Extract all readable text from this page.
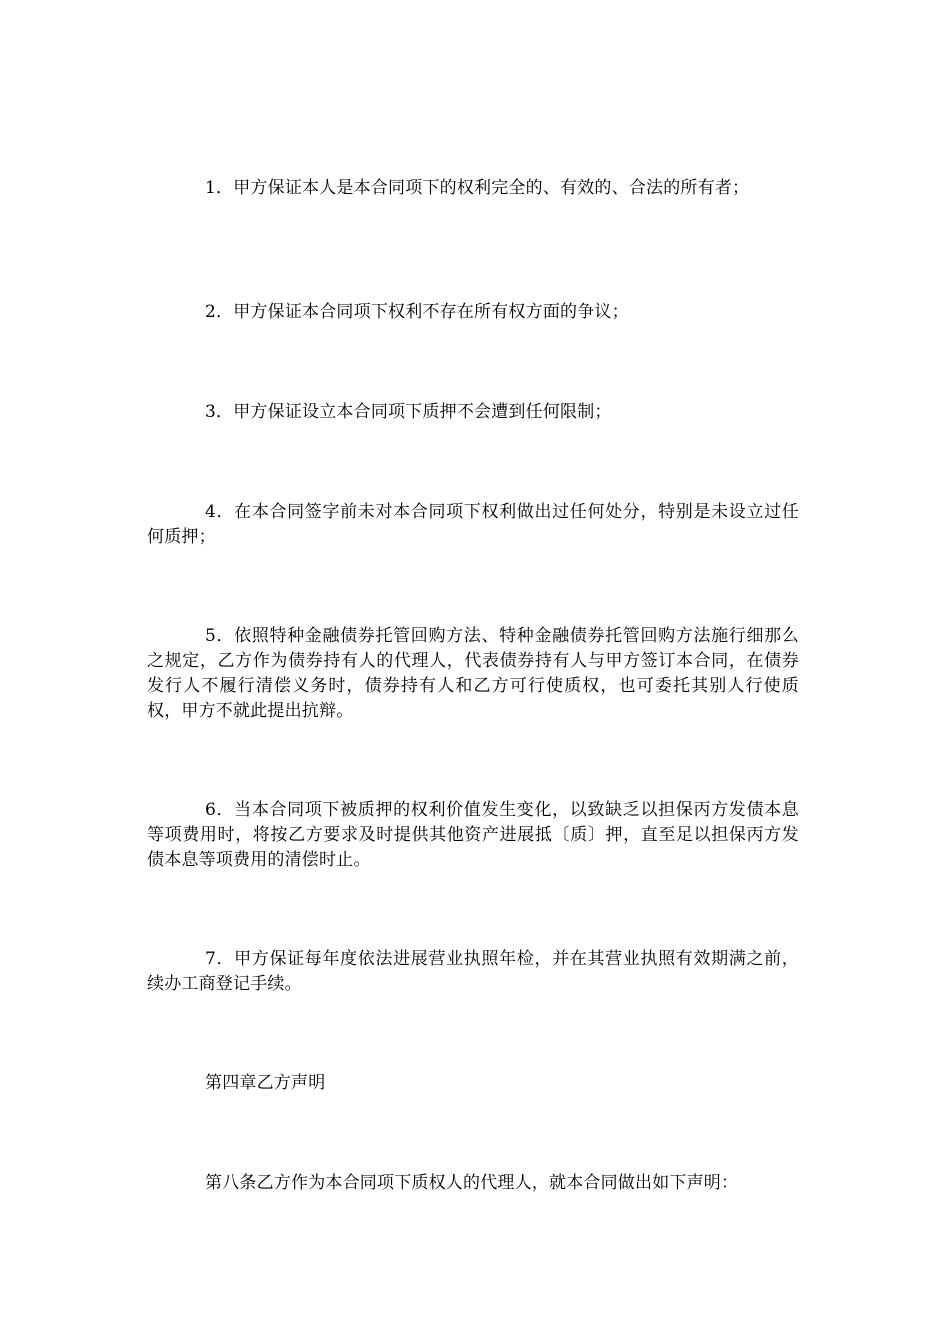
1．甲方保证本人是本合同项下的权利完全的、有效的、合法的所有者；

2．甲方保证本合同项下权利不存在所有权方面的争议；

3．甲方保证设立本合同项下质押不会遭到任何限制；

4．在本合同签字前未对本合同项下权利做出过任何处分，特别是未设立过任何质押；

5．依照特种金融债券托管回购方法、特种金融债券托管回购方法施行细那么之规定，乙方作为债券持有人的代理人，代表债券持有人与甲方签订本合同，在债券发行人不履行清偿义务时，债券持有人和乙方可行使质权，也可委托其别人行使质权，甲方不就此提出抗辩。

6．当本合同项下被质押的权利价值发生变化，以致缺乏以担保丙方发债本息等项费用时，将按乙方要求及时提供其他资产进展抵〔质〕押，直至足以担保丙方发债本息等项费用的清偿时止。

7．甲方保证每年度依法进展营业执照年检，并在其营业执照有效期满之前，续办工商登记手续。

第四章乙方声明

第八条乙方作为本合同项下质权人的代理人，就本合同做出如下声明：
